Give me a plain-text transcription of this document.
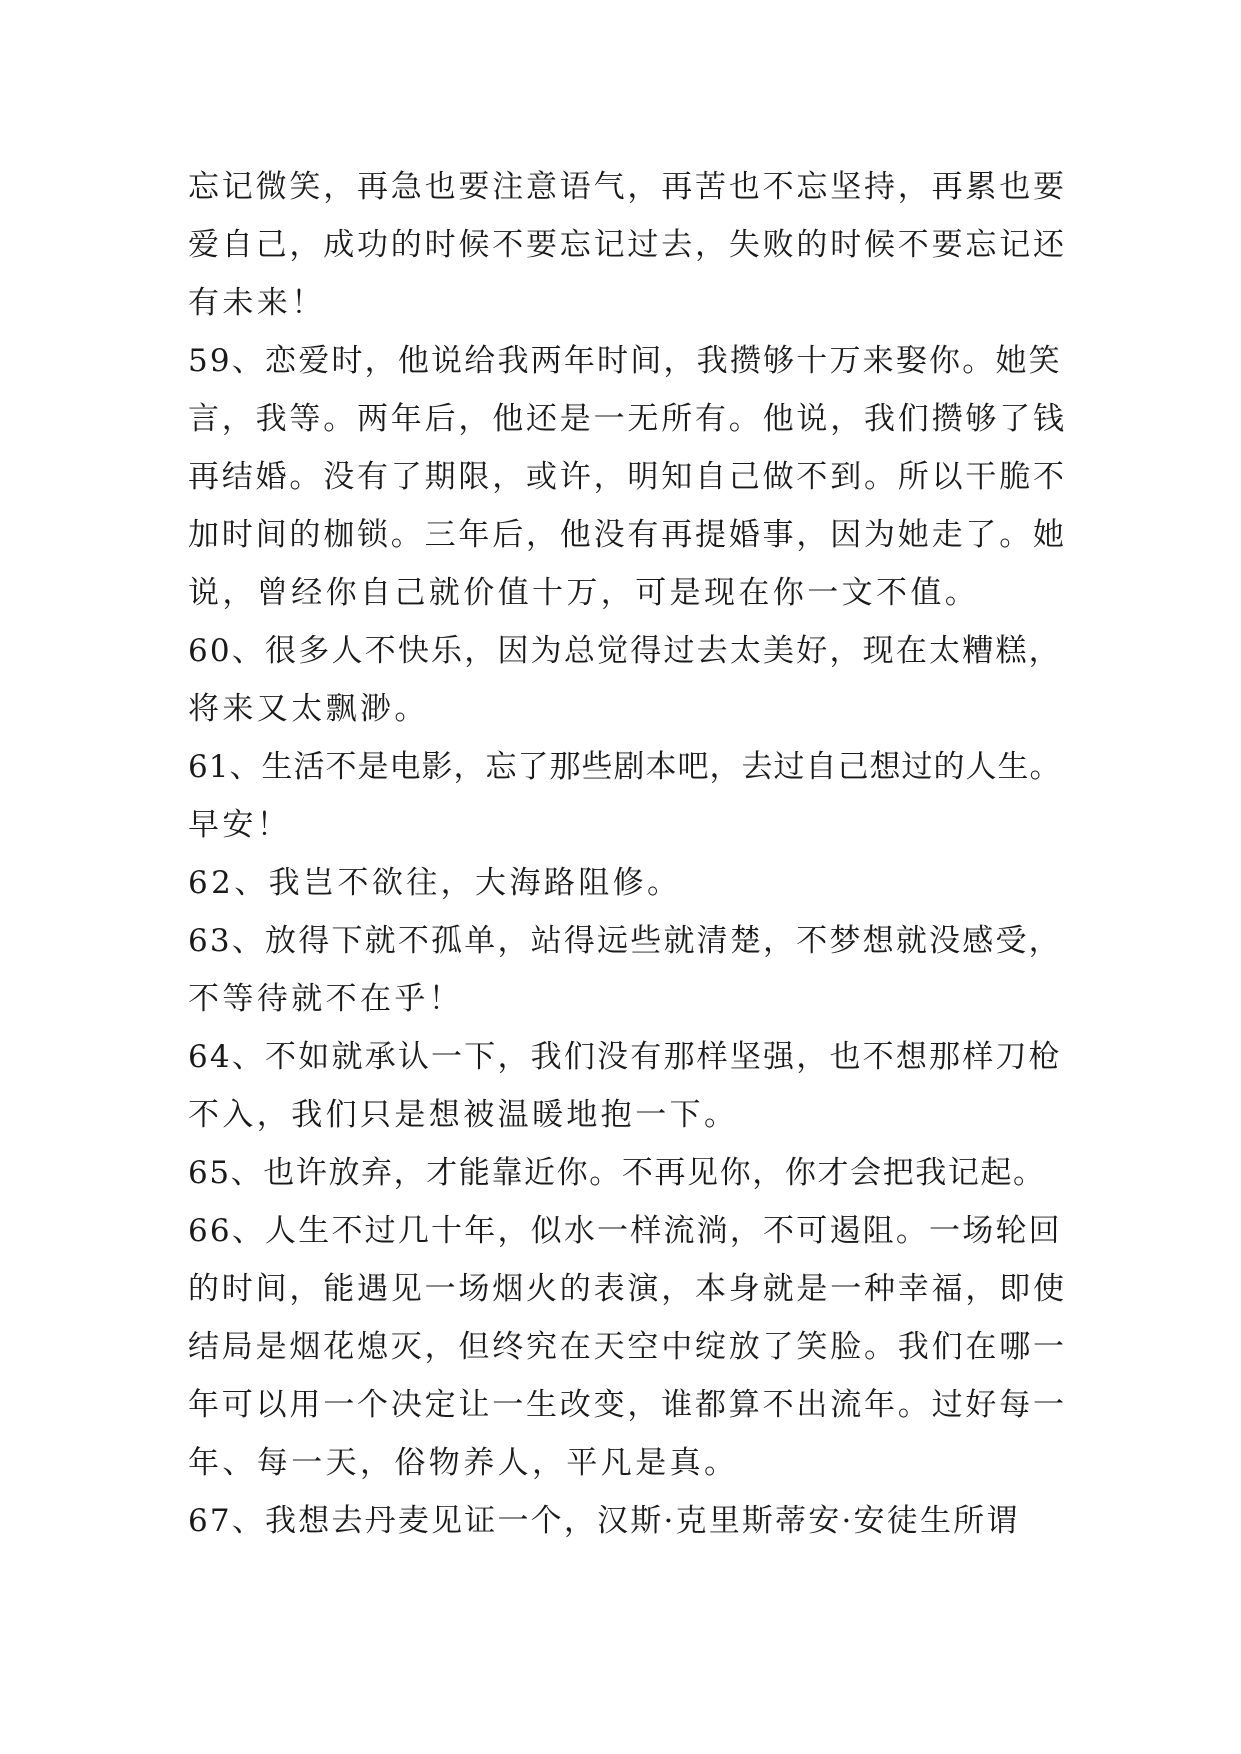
忘记微笑，再急也要注意语气，再苦也不忘坚持，再累也要
爱自己，成功的时候不要忘记过去，失败的时候不要忘记还
有未来！
59、恋爱时，他说给我两年时间，我攒够十万来娶你。她笑
言，我等。两年后，他还是一无所有。他说，我们攒够了钱
再结婚。没有了期限，或许，明知自己做不到。所以干脆不
加时间的枷锁。三年后，他没有再提婚事，因为她走了。她
说，曾经你自己就价值十万，可是现在你一文不值。
60、很多人不快乐，因为总觉得过去太美好，现在太糟糕，
将来又太飘渺。
61、生活不是电影，忘了那些剧本吧，去过自己想过的人生。
早安！
62、我岂不欲往，大海路阻修。
63、放得下就不孤单，站得远些就清楚，不梦想就没感受，
不等待就不在乎！
64、不如就承认一下，我们没有那样坚强，也不想那样刀枪
不入，我们只是想被温暖地抱一下。
65、也许放弃，才能靠近你。不再见你，你才会把我记起。
66、人生不过几十年，似水一样流淌，不可遏阻。一场轮回
的时间，能遇见一场烟火的表演，本身就是一种幸福，即使
结局是烟花熄灭，但终究在天空中绽放了笑脸。我们在哪一
年可以用一个决定让一生改变，谁都算不出流年。过好每一
年、每一天，俗物养人，平凡是真。
67、我想去丹麦见证一个，汉斯·克里斯蒂安·安徒生所谓
